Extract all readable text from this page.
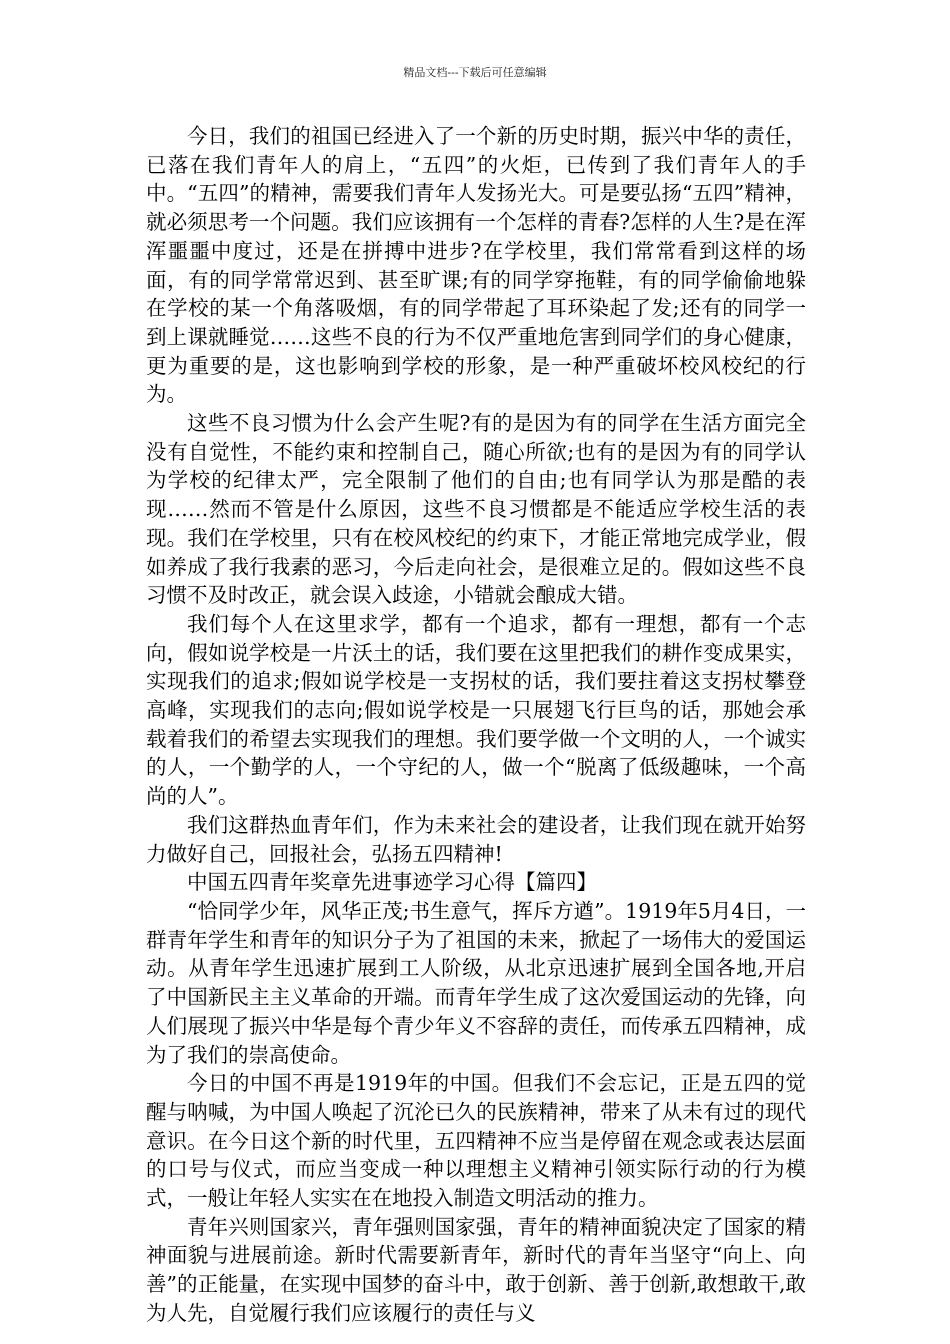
精品文档---下载后可任意编辑

今日，我们的祖国已经进入了一个新的历史时期，振兴中华的责任，已落在我们青年人的肩上，“五四”的火炬，已传到了我们青年人的手中。“五四”的精神，需要我们青年人发扬光大。可是要弘扬“五四”精神，就必须思考一个问题。我们应该拥有一个怎样的青春?怎样的人生?是在浑浑噩噩中度过，还是在拼搏中进步?在学校里，我们常常看到这样的场面，有的同学常常迟到、甚至旷课;有的同学穿拖鞋，有的同学偷偷地躲在学校的某一个角落吸烟，有的同学带起了耳环染起了发;还有的同学一到上课就睡觉……这些不良的行为不仅严重地危害到同学们的身心健康，更为重要的是，这也影响到学校的形象，是一种严重破坏校风校纪的行为。

这些不良习惯为什么会产生呢?有的是因为有的同学在生活方面完全没有自觉性，不能约束和控制自己，随心所欲;也有的是因为有的同学认为学校的纪律太严，完全限制了他们的自由;也有同学认为那是酷的表现……然而不管是什么原因，这些不良习惯都是不能适应学校生活的表现。我们在学校里，只有在校风校纪的约束下，才能正常地完成学业，假如养成了我行我素的恶习，今后走向社会，是很难立足的。假如这些不良习惯不及时改正，就会误入歧途，小错就会酿成大错。

我们每个人在这里求学，都有一个追求，都有一理想，都有一个志向，假如说学校是一片沃土的话，我们要在这里把我们的耕作变成果实，实现我们的追求;假如说学校是一支拐杖的话，我们要拄着这支拐杖攀登高峰，实现我们的志向;假如说学校是一只展翅飞行巨鸟的话，那她会承载着我们的希望去实现我们的理想。我们要学做一个文明的人，一个诚实的人，一个勤学的人，一个守纪的人，做一个“脱离了低级趣味，一个高尚的人”。

我们这群热血青年们，作为未来社会的建设者，让我们现在就开始努力做好自己，回报社会，弘扬五四精神!

中国五四青年奖章先进事迹学习心得【篇四】

“恰同学少年，风华正茂;书生意气，挥斥方遒”。1919年5月4日，一群青年学生和青年的知识分子为了祖国的未来，掀起了一场伟大的爱国运动。从青年学生迅速扩展到工人阶级，从北京迅速扩展到全国各地,开启了中国新民主主义革命的开端。而青年学生成了这次爱国运动的先锋，向人们展现了振兴中华是每个青少年义不容辞的责任，而传承五四精神，成为了我们的崇高使命。

今日的中国不再是1919年的中国。但我们不会忘记，正是五四的觉醒与呐喊，为中国人唤起了沉沦已久的民族精神，带来了从未有过的现代意识。在今日这个新的时代里，五四精神不应当是停留在观念或表达层面的口号与仪式，而应当变成一种以理想主义精神引领实际行动的行为模式，一般让年轻人实实在在地投入制造文明活动的推力。

青年兴则国家兴，青年强则国家强，青年的精神面貌决定了国家的精神面貌与进展前途。新时代需要新青年，新时代的青年当坚守“向上、向善”的正能量，在实现中国梦的奋斗中，敢于创新、善于创新,敢想敢干,敢为人先，自觉履行我们应该履行的责任与义
